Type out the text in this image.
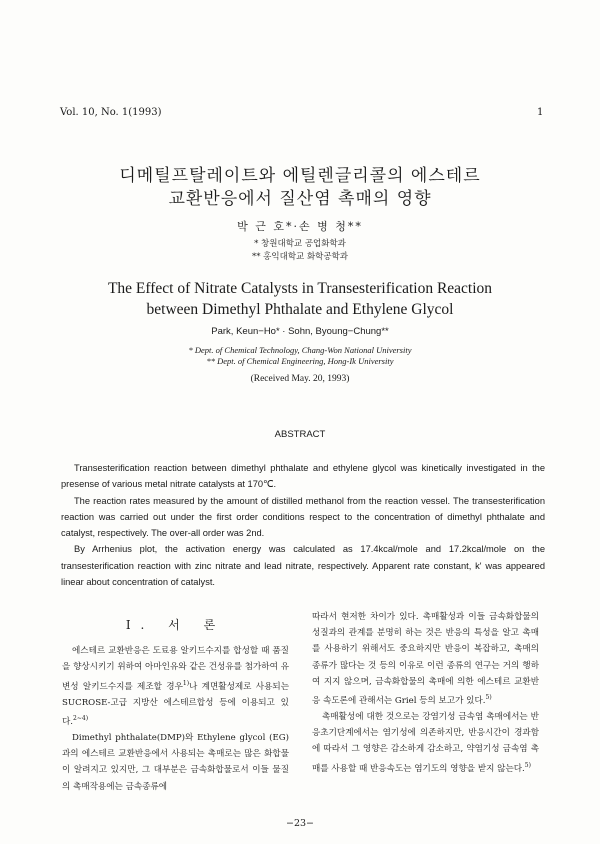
Vol. 10, No. 1(1993)	1
디메틸프탈레이트와 에틸렌글리콜의 에스테르
교환반응에서 질산염 촉매의 영향
박 근 호*·손 병 청**
* 창원대학교 공업화학과
** 홍익대학교 화학공학과
The Effect of Nitrate Catalysts in Transesterification Reaction
between Dimethyl Phthalate and Ethylene Glycol
Park, Keun−Ho* · Sohn, Byoung−Chung**
* Dept. of Chemical Technology, Chang-Won National University
** Dept. of Chemical Engineering, Hong-Ik University
(Received May. 20, 1993)
ABSTRACT

Transesterification reaction between dimethyl phthalate and ethylene glycol was kinetically investigated in the presense of various metal nitrate catalysts at 170℃.

The reaction rates measured by the amount of distilled methanol from the reaction vessel. The transesterification reaction was carried out under the first order conditions respect to the concentration of dimethyl phthalate and catalyst, respectively. The over-all order was 2nd.

By Arrhenius plot, the activation energy was calculated as 17.4kcal/mole and 17.2kcal/mole on the transesterification reaction with zinc nitrate and lead nitrate, respectively. Apparent rate constant, k' was appeared linear about concentration of catalyst.

I. 서 론

에스테르 교환반응은 도료용 알키드수지를 합성할 때 품질을 향상시키기 위하여 아마인유와 같은 건성유를 첨가하여 유변성 알키드수지를 제조할 경우$^{1)}$나 계면활성제로 사용되는 SUCROSE-고급 지방산 에스테르합성 등에 이용되고 있다.$^{2\sim 4)}$

Dimethyl phthalate(DMP)와 Ethylene glycol (EG)과의 에스테르 교환반응에서 사용되는 촉매로는 많은 화합물이 알려지고 있지만, 그 대부분은 금속화합물로서 이들 물질의 촉매작용에는 금속종류에

따라서 현저한 차이가 있다. 촉매활성과 이들 금속화합물의 성질과의 관계를 분명히 하는 것은 반응의 특성을 알고 촉매를 사용하기 위해서도 중요하지만 반응이 복잡하고, 촉매의 종류가 많다는 것 등의 이유로 이런 종류의 연구는 거의 행하여 지지 않으며, 금속화합물의 촉매에 의한 에스테르 교환반응 속도론에 관해서는 Griel 등의 보고가 있다.$^{5)}$

촉매활성에 대한 것으로는 강염기성 금속염 촉매에서는 반응초기단계에서는 염기성에 의존하지만, 반응시간이 경과함에 따라서 그 영향은 감소하게 감소하고, 약염기성 금속염 촉매를 사용할 때 반응속도는 염기도의 영향을 받지 않는다.$^{5)}$

−23−
